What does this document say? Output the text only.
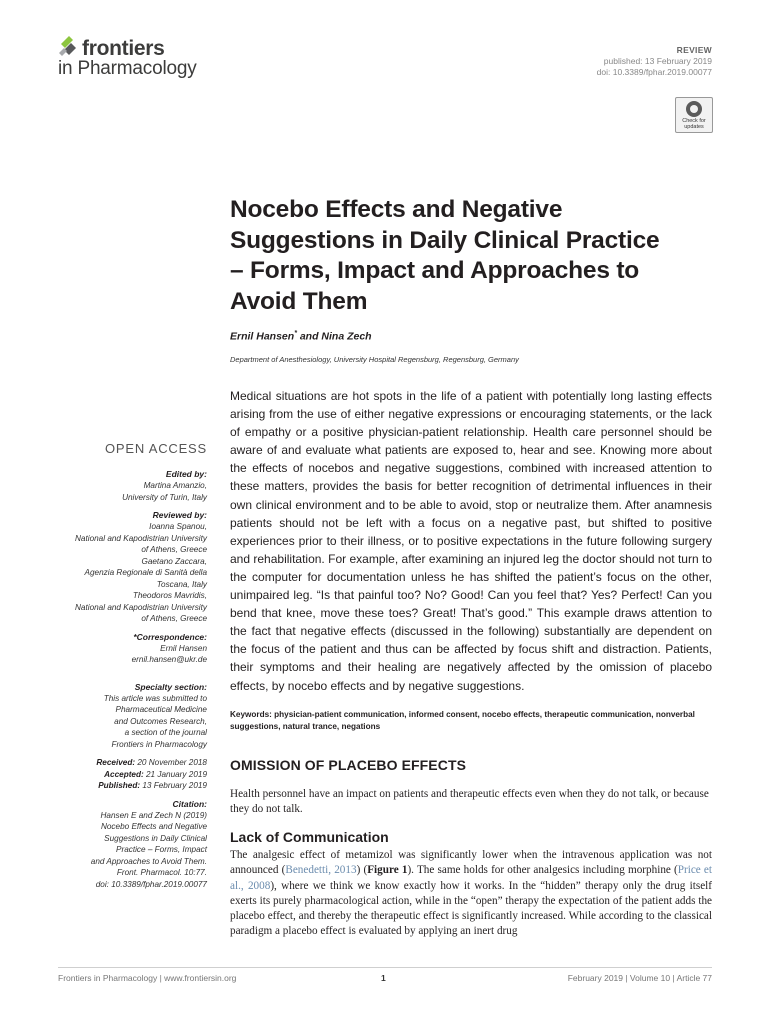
frontiers
in Pharmacology
REVIEW
published: 13 February 2019
doi: 10.3389/fphar.2019.00077
Check for updates
Nocebo Effects and Negative Suggestions in Daily Clinical Practice – Forms, Impact and Approaches to Avoid Them
Ernil Hansen* and Nina Zech
Department of Anesthesiology, University Hospital Regensburg, Regensburg, Germany
Medical situations are hot spots in the life of a patient with potentially long lasting effects arising from the use of either negative expressions or encouraging statements, or the lack of empathy or a positive physician-patient relationship. Health care personnel should be aware of and evaluate what patients are exposed to, hear and see. Knowing more about the effects of nocebos and negative suggestions, combined with increased attention to these matters, provides the basis for better recognition of detrimental influences in their own clinical environment and to be able to avoid, stop or neutralize them. After anamnesis patients should not be left with a focus on a negative past, but shifted to positive experiences prior to their illness, or to positive expectations in the future following surgery and rehabilitation. For example, after examining an injured leg the doctor should not turn to the computer for documentation unless he has shifted the patient’s focus on the other, unimpaired leg. “Is that painful too? No? Good! Can you feel that? Yes? Perfect! Can you bend that knee, move these toes? Great! That’s good.” This example draws attention to the fact that negative effects (discussed in the following) substantially are dependent on the focus of the patient and thus can be affected by focus shift and distraction. Patients, their symptoms and their healing are negatively affected by the omission of placebo effects, by nocebo effects and by negative suggestions.
Keywords: physician-patient communication, informed consent, nocebo effects, therapeutic communication, nonverbal suggestions, natural trance, negations
OPEN ACCESS
Edited by:
Martina Amanzio,
University of Turin, Italy
Reviewed by:
Ioanna Spanou,
National and Kapodistrian University
of Athens, Greece
Gaetano Zaccara,
Agenzia Regionale di Sanità della
Toscana, Italy
Theodoros Mavridis,
National and Kapodistrian University
of Athens, Greece
*Correspondence:
Ernil Hansen
ernil.hansen@ukr.de
Specialty section:
This article was submitted to
Pharmaceutical Medicine
and Outcomes Research,
a section of the journal
Frontiers in Pharmacology
Received: 20 November 2018
Accepted: 21 January 2019
Published: 13 February 2019
Citation:
Hansen E and Zech N (2019)
Nocebo Effects and Negative
Suggestions in Daily Clinical
Practice – Forms, Impact
and Approaches to Avoid Them.
Front. Pharmacol. 10:77.
doi: 10.3389/fphar.2019.00077
OMISSION OF PLACEBO EFFECTS
Health personnel have an impact on patients and therapeutic effects even when they do not talk, or because they do not talk.
Lack of Communication
The analgesic effect of metamizol was significantly lower when the intravenous application was not announced (Benedetti, 2013) (Figure 1). The same holds for other analgesics including morphine (Price et al., 2008), where we think we know exactly how it works. In the “hidden” therapy only the drug itself exerts its purely pharmacological action, while in the “open” therapy the expectation of the patient adds the placebo effect, and thereby the therapeutic effect is significantly increased. While according to the classical paradigm a placebo effect is evaluated by applying an inert drug
Frontiers in Pharmacology | www.frontiersin.org	1	February 2019 | Volume 10 | Article 77
